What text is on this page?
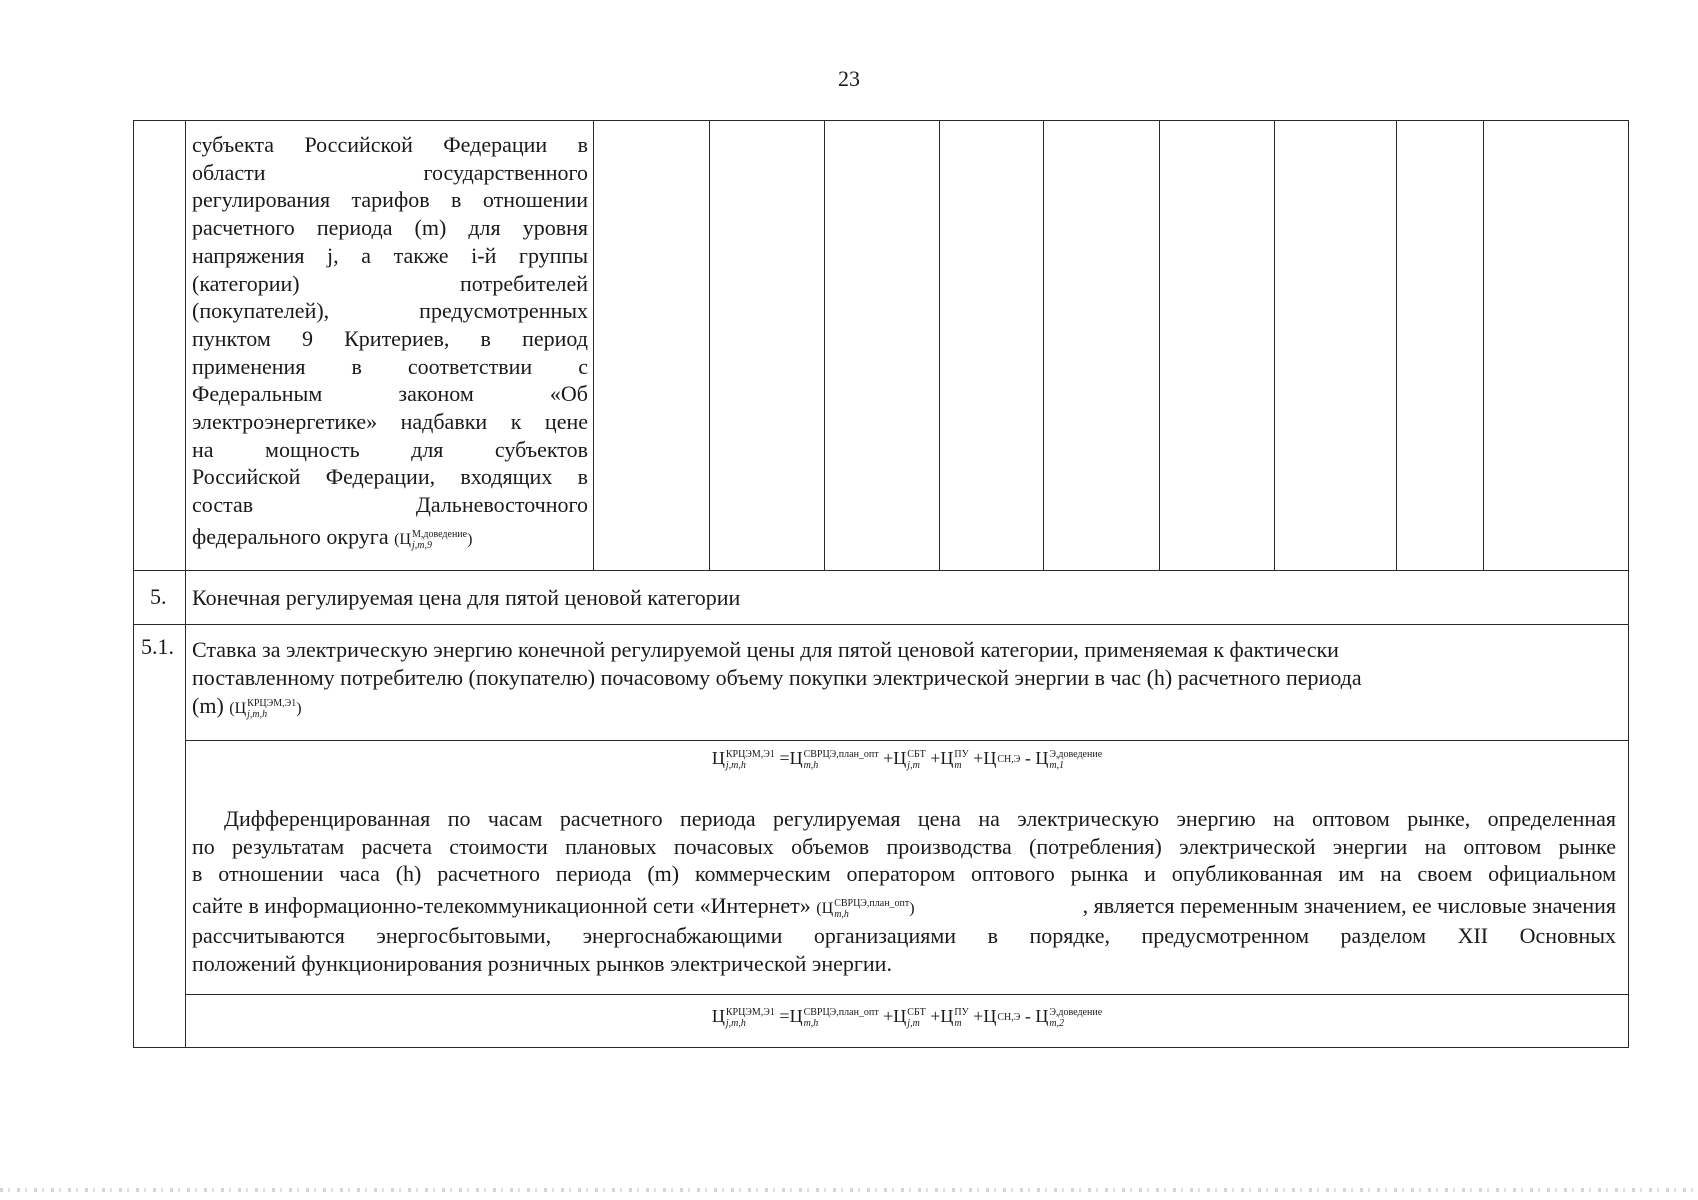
23
субъекта Российской Федерации в
области государственного
регулирования тарифов в отношении
расчетного периода (m) для уровня
напряжения j, а также i-й группы
(категории) потребителей
(покупателей), предусмотренных
пунктом 9 Критериев, в период
применения в соответствии с
Федеральным законом «Об
электроэнергетике» надбавки к цене
на мощность для субъектов
Российской Федерации, входящих в
состав Дальневосточного
федерального округа (Ц М,доведение
j,m,9	)
5. Конечная регулируемая цена для пятой ценовой категории
5.1. Ставка за электрическую энергию конечной регулируемой цены для пятой ценовой категории, применяемая к фактически
поставленному потребителю (покупателю) почасовому объему покупки электрической энергии в час (h) расчетного периода
(m) (Ц КРЦЭМ,Э1
j,m,h	)
Ц КРЦЭМ,Э1
j,m,h	=Ц СВРЦЭ,план_опт
m,h	+Ц СБТ
j,m +Ц ПУ
m +Ц СН,Э - Ц Э,доведение
m,1
Дифференцированная по часам расчетного периода регулируемая цена на электрическую энергию на оптовом рынке, определенная
по результатам расчета стоимости плановых почасовых объемов производства (потребления) электрической энергии на оптовом рынке
в отношении часа (h) расчетного периода (m) коммерческим оператором оптового рынка и опубликованная им на своем официальном
сайте в информационно-телекоммуникационной сети «Интернет» (Ц СВРЦЭ,план_опт
m,h	)	, является переменным значением, ее числовые значения
рассчитываются энергосбытовыми, энергоснабжающими организациями в порядке, предусмотренном разделом XII Основных
положений функционирования розничных рынков электрической энергии.
Ц КРЦЭМ,Э1
j,m,h	=Ц СВРЦЭ,план_опт
m,h	+Ц СБТ
j,m +Ц ПУ
m +Ц СН,Э - Ц Э,доведение
m,2
